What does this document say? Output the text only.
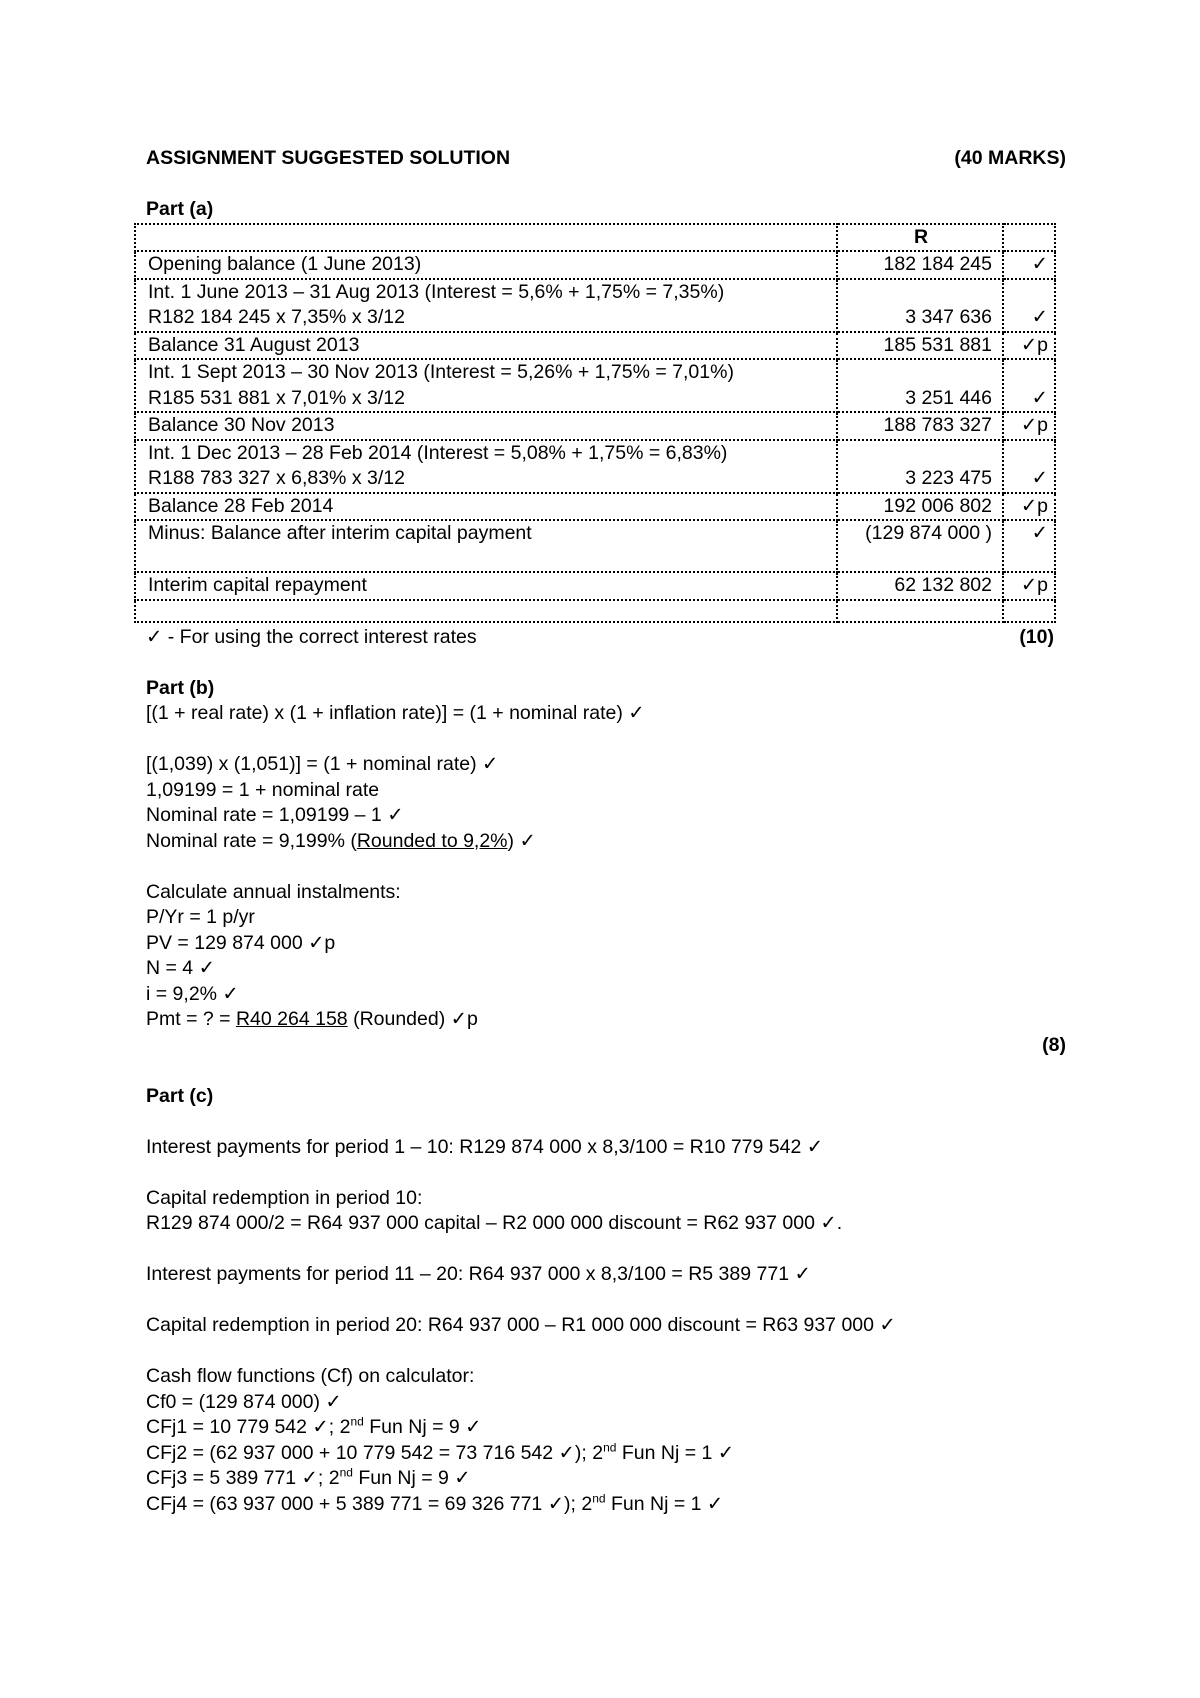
ASSIGNMENT SUGGESTED SOLUTION	(40 MARKS)
Part (a)
	R	
Opening balance (1 June 2013)	182 184 245	✓

Int. 1 June 2013 – 31 Aug 2013 (Interest = 5,6% + 1,75% = 7,35%)
R182 184 245 x 7,35% x 3/12	3 347 636	✓
Balance 31 August 2013	185 531 881	✓p

Int. 1 Sept 2013 – 30 Nov 2013 (Interest = 5,26% + 1,75% = 7,01%)
R185 531 881 x 7,01% x 3/12	3 251 446	✓
Balance 30 Nov 2013	188 783 327	✓p

Int. 1 Dec 2013 – 28 Feb 2014 (Interest = 5,08% + 1,75% = 6,83%)
R188 783 327 x 6,83% x 3/12	3 223 475	✓
Balance 28 Feb 2014	192 006 802	✓p
Minus: Balance after interim capital payment	(129 874 000 )	✓
Interim capital repayment	62 132 802	✓p

✓ - For using the correct interest rates	(10)
Part (b)
[(1 + real rate) x (1 + inflation rate)] = (1 + nominal rate) ✓
[(1,039) x (1,051)] = (1 + nominal rate) ✓
1,09199 = 1 + nominal rate
Nominal rate = 1,09199 – 1 ✓
Nominal rate = 9,199% (Rounded to 9,2%) ✓
Calculate annual instalments:
P/Yr = 1 p/yr
PV = 129 874 000 ✓p
N = 4 ✓
i = 9,2% ✓
Pmt = ? = R40 264 158 (Rounded) ✓p
(8)
Part (c)
Interest payments for period 1 – 10: R129 874 000 x 8,3/100 = R10 779 542 ✓
Capital redemption in period 10:
R129 874 000/2 = R64 937 000 capital – R2 000 000 discount = R62 937 000 ✓.
Interest payments for period 11 – 20: R64 937 000 x 8,3/100 = R5 389 771 ✓
Capital redemption in period 20: R64 937 000 – R1 000 000 discount = R63 937 000 ✓
Cash flow functions (Cf) on calculator:
Cf0 = (129 874 000) ✓
CFj1 = 10 779 542 ✓; 2nd Fun Nj = 9 ✓
CFj2 = (62 937 000 + 10 779 542 = 73 716 542 ✓); 2nd Fun Nj = 1 ✓
CFj3 = 5 389 771 ✓; 2nd Fun Nj = 9 ✓
CFj4 = (63 937 000 + 5 389 771 = 69 326 771 ✓); 2nd Fun Nj = 1 ✓
